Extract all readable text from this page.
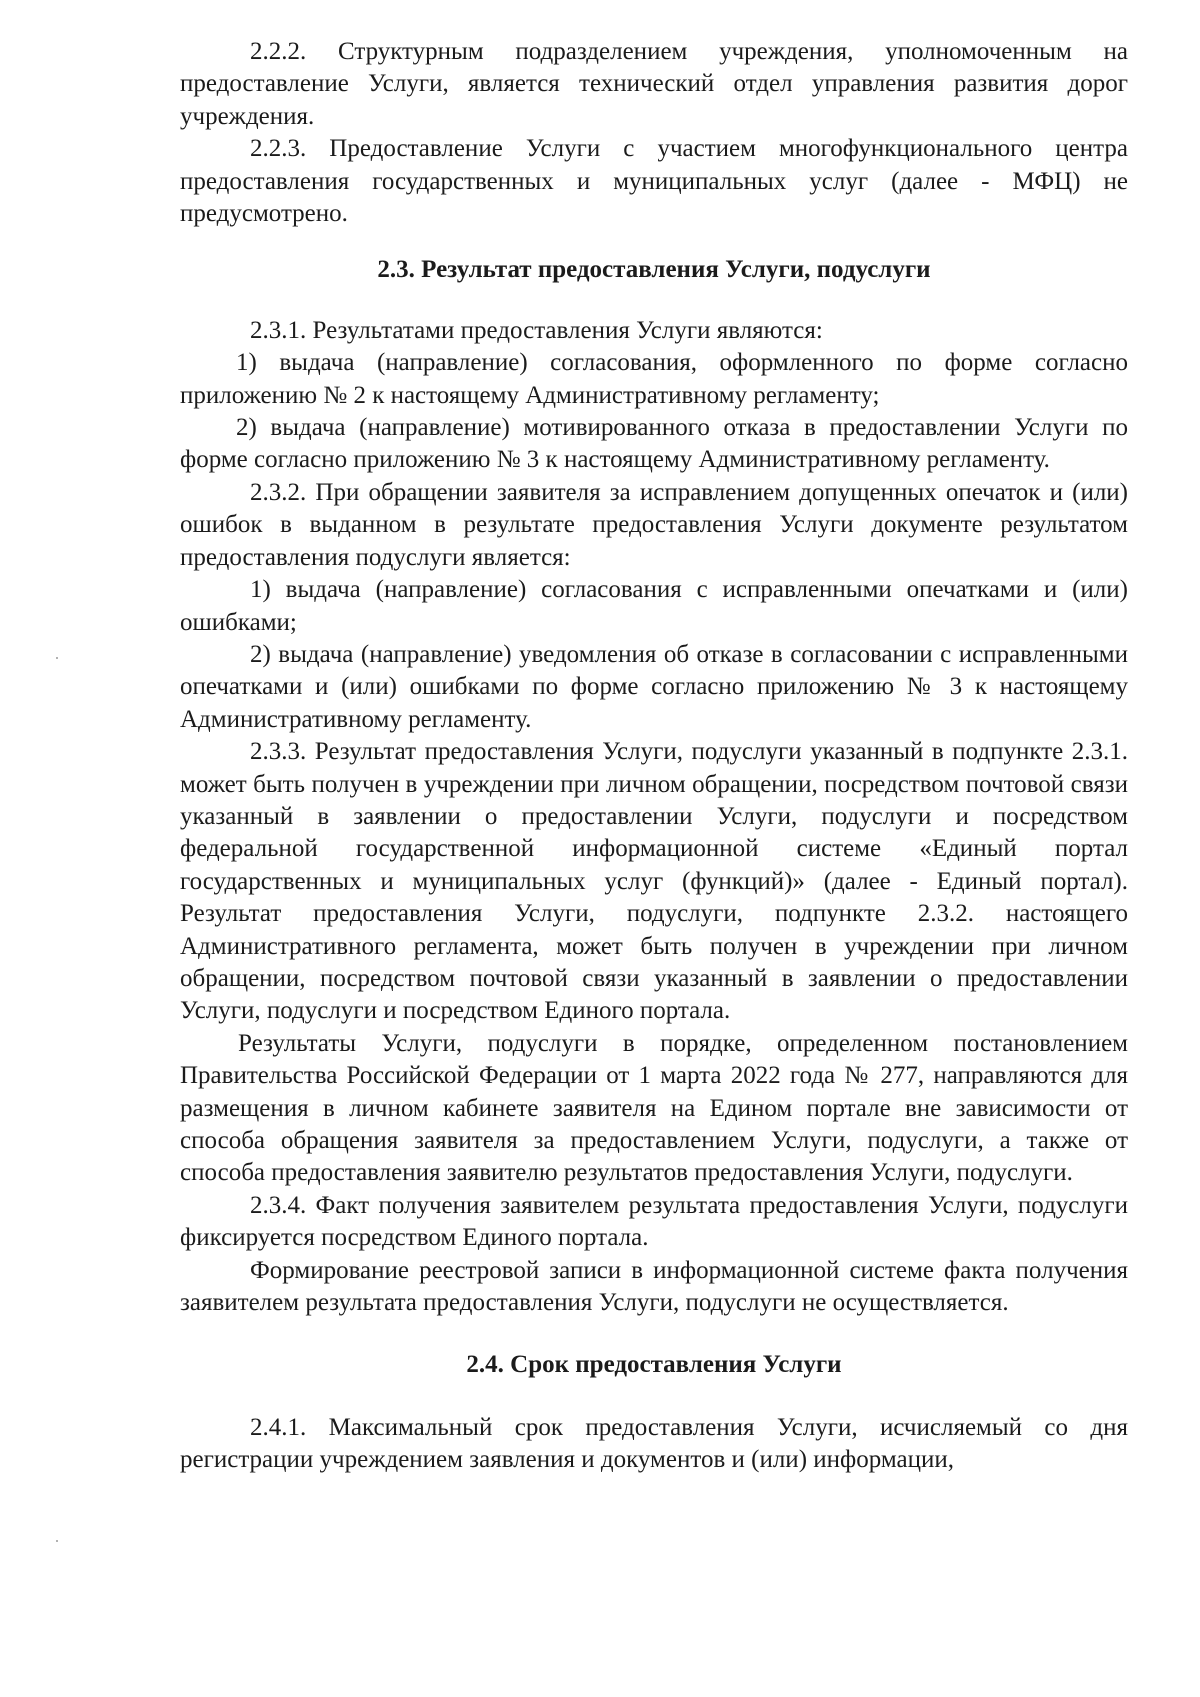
2.2.2. Структурным подразделением учреждения, уполномоченным на предоставление Услуги, является технический отдел управления развития дорог учреждения.

2.2.3. Предоставление Услуги с участием многофункционального центра предоставления государственных и муниципальных услуг (далее - МФЦ) не предусмотрено.

2.3. Результат предоставления Услуги, подуслуги

2.3.1. Результатами предоставления Услуги являются:

1) выдача (направление) согласования, оформленного по форме согласно приложению № 2 к настоящему Административному регламенту;

2) выдача (направление) мотивированного отказа в предоставлении Услуги по форме согласно приложению № 3 к настоящему Административному регламенту.

2.3.2. При обращении заявителя за исправлением допущенных опечаток и (или) ошибок в выданном в результате предоставления Услуги документе результатом предоставления подуслуги является:

1) выдача (направление) согласования с исправленными опечатками и (или) ошибками;

2) выдача (направление) уведомления об отказе в согласовании с исправленными опечатками и (или) ошибками по форме согласно приложению № 3 к настоящему Административному регламенту.

2.3.3. Результат предоставления Услуги, подуслуги указанный в подпункте 2.3.1. может быть получен в учреждении при личном обращении, посредством почтовой связи указанный в заявлении о предоставлении Услуги, подуслуги и посредством федеральной государственной информационной системе «Единый портал государственных и муниципальных услуг (функций)» (далее - Единый портал). Результат предоставления Услуги, подуслуги, подпункте 2.3.2. настоящего Административного регламента, может быть получен в учреждении при личном обращении, посредством почтовой связи указанный в заявлении о предоставлении Услуги, подуслуги и посредством Единого портала.

Результаты Услуги, подуслуги в порядке, определенном постановлением Правительства Российской Федерации от 1 марта 2022 года № 277, направляются для размещения в личном кабинете заявителя на Едином портале вне зависимости от способа обращения заявителя за предоставлением Услуги, подуслуги, а также от способа предоставления заявителю результатов предоставления Услуги, подуслуги.

2.3.4. Факт получения заявителем результата предоставления Услуги, подуслуги фиксируется посредством Единого портала.

Формирование реестровой записи в информационной системе факта получения заявителем результата предоставления Услуги, подуслуги не осуществляется.

2.4. Срок предоставления Услуги

2.4.1. Максимальный срок предоставления Услуги, исчисляемый со дня регистрации учреждением заявления и документов и (или) информации,
